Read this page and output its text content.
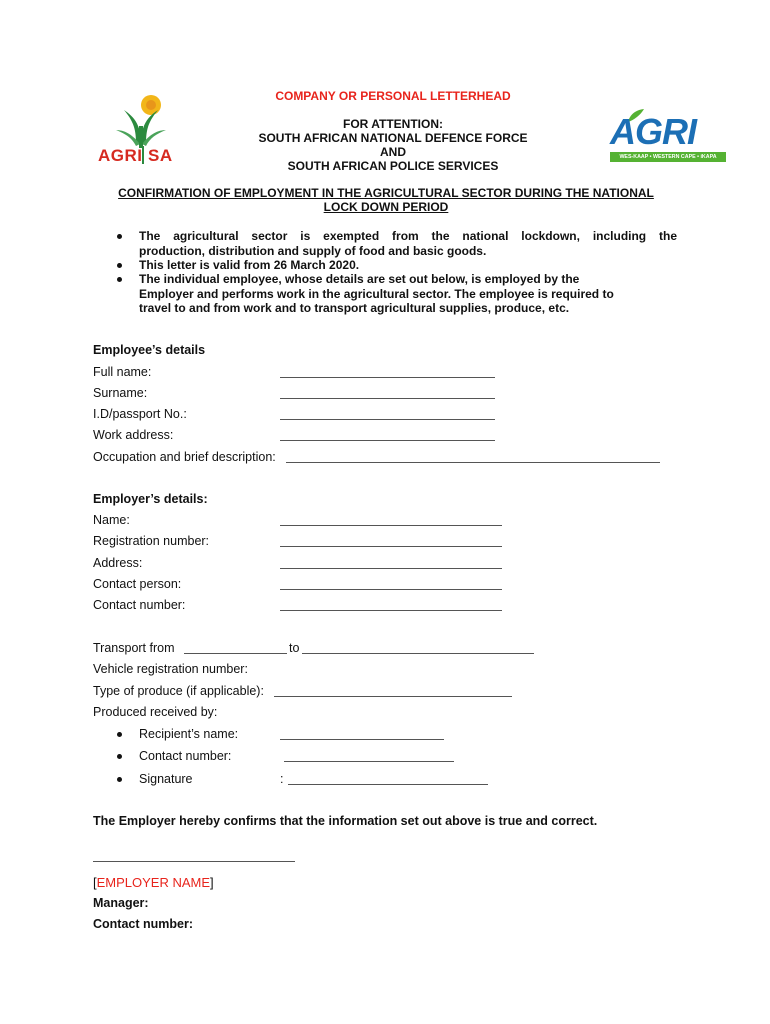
AGRI SA
AGRI
WES-KAAP • WESTERN CAPE • iKAPA
COMPANY OR PERSONAL LETTERHEAD
FOR ATTENTION:
SOUTH AFRICAN NATIONAL DEFENCE FORCE
AND
SOUTH AFRICAN POLICE SERVICES
CONFIRMATION OF EMPLOYMENT IN THE AGRICULTURAL SECTOR DURING THE NATIONAL
LOCK DOWN PERIOD
The agricultural sector is exempted from the national lockdown, including the
production, distribution and supply of food and basic goods.
This letter is valid from 26 March 2020.
The individual employee, whose details are set out below, is employed by the
Employer and performs work in the agricultural sector. The employee is required to
travel to and from work and to transport agricultural supplies, produce, etc.
Employee’s details
Full name:
Surname:
I.D/passport No.:
Work address:
Occupation and brief description:
Employer’s details:
Name:
Registration number:
Address:
Contact person:
Contact number:
Transport from	to
Vehicle registration number:
Type of produce (if applicable):
Produced received by:
Recipient’s name:
Contact number:
Signature	:
The Employer hereby confirms that the information set out above is true and correct.
[EMPLOYER NAME]
Manager:
Contact number:
